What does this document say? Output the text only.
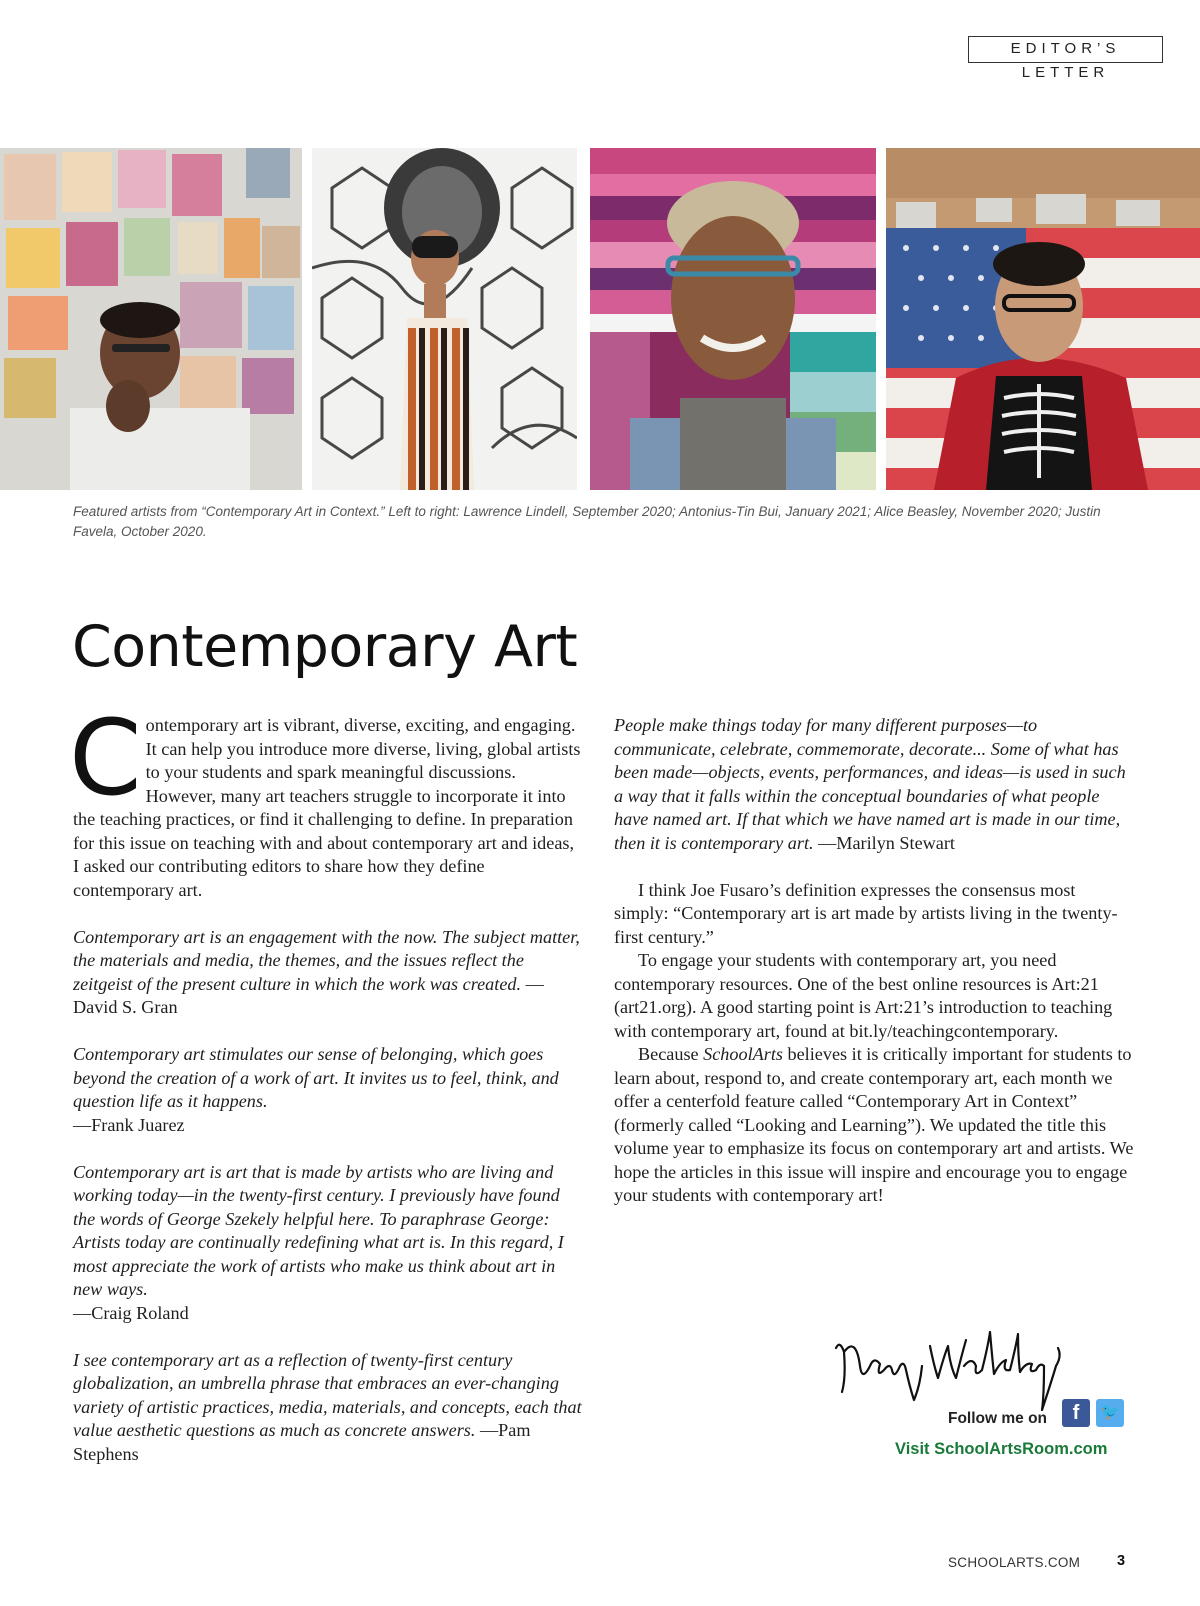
EDITOR’S LETTER

Featured artists from “Contemporary Art in Context.” Left to right: Lawrence Lindell, September 2020; Antonius-Tin Bui, January 2021; Alice Beasley, November 2020; Justin Favela, October 2020.

Contemporary Art

Contemporary art is vibrant, diverse, exciting, and engaging. It can help you introduce more diverse, living, global artists to your students and spark meaningful discussions. However, many art teachers struggle to incorporate it into the teaching practices, or find it challenging to define. In preparation for this issue on teaching with and about contemporary art and ideas, I asked our contributing editors to share how they define contemporary art.

Contemporary art is an engagement with the now. The subject matter, the materials and media, the themes, and the issues reflect the zeitgeist of the present culture in which the work was created. —David S. Gran

Contemporary art stimulates our sense of belonging, which goes beyond the creation of a work of art. It invites us to feel, think, and question life as it happens.
—Frank Juarez

Contemporary art is art that is made by artists who are living and working today—in the twenty-first century. I previously have found the words of George Szekely helpful here. To paraphrase George: Artists today are continually redefining what art is. In this regard, I most appreciate the work of artists who make us think about art in new ways.
—Craig Roland

I see contemporary art as a reflection of twenty-first century globalization, an umbrella phrase that embraces an ever-changing variety of artistic practices, media, materials, and concepts, each that value aesthetic questions as much as concrete answers. —Pam Stephens

People make things today for many different purposes—to communicate, celebrate, commemorate, decorate... Some of what has been made—objects, events, performances, and ideas—is used in such a way that it falls within the conceptual boundaries of what people have named art. If that which we have named art is made in our time, then it is contemporary art. —Marilyn Stewart

I think Joe Fusaro’s definition expresses the consensus most simply: “Contemporary art is art made by artists living in the twenty-first century.”

To engage your students with contemporary art, you need contemporary resources. One of the best online resources is Art:21 (art21.org). A good starting point is Art:21’s introduction to teaching with contemporary art, found at bit.ly/teachingcontemporary.

Because SchoolArts believes it is critically important for students to learn about, respond to, and create contemporary art, each month we offer a centerfold feature called “Contemporary Art in Context” (formerly called “Looking and Learning”). We updated the title this volume year to emphasize its focus on contemporary art and artists. We hope the articles in this issue will inspire and encourage you to engage your students with contemporary art!

Follow me on	f	🐦
Visit SchoolArtsRoom.com
SCHOOLARTS.COM	3
